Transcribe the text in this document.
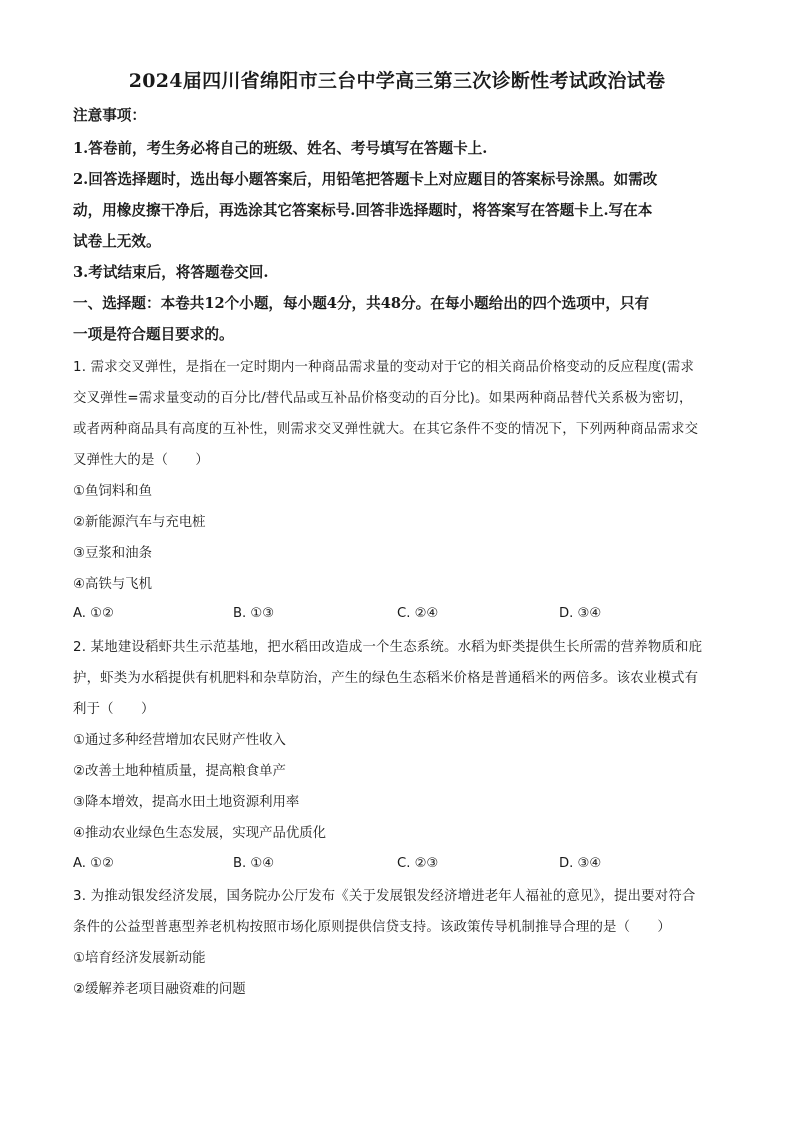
2024届四川省绵阳市三台中学高三第三次诊断性考试政治试卷
注意事项：
1.答卷前，考生务必将自己的班级、姓名、考号填写在答题卡上.
2.回答选择题时，选出每小题答案后，用铅笔把答题卡上对应题目的答案标号涂黑。如需改
动，用橡皮擦干净后，再选涂其它答案标号.回答非选择题时，将答案写在答题卡上.写在本
试卷上无效。
3.考试结束后，将答题卷交回.
一、选择题：本卷共12个小题，每小题4分，共48分。在每小题给出的四个选项中，只有
一项是符合题目要求的。
1. 需求交叉弹性，是指在一定时期内一种商品需求量的变动对于它的相关商品价格变动的反应程度(需求
交叉弹性=需求量变动的百分比/替代品或互补品价格变动的百分比)。如果两种商品替代关系极为密切，
或者两种商品具有高度的互补性，则需求交叉弹性就大。在其它条件不变的情况下，下列两种商品需求交
叉弹性大的是（　　）
①鱼饲料和鱼
②新能源汽车与充电桩
③豆浆和油条
④高铁与飞机
A. ①②	B. ①③	C. ②④	D. ③④
2. 某地建设稻虾共生示范基地，把水稻田改造成一个生态系统。水稻为虾类提供生长所需的营养物质和庇
护，虾类为水稻提供有机肥料和杂草防治，产生的绿色生态稻米价格是普通稻米的两倍多。该农业模式有
利于（　　）
①通过多种经营增加农民财产性收入
②改善土地种植质量，提高粮食单产
③降本增效，提高水田土地资源利用率
④推动农业绿色生态发展，实现产品优质化
A. ①②	B. ①④	C. ②③	D. ③④
3. 为推动银发经济发展，国务院办公厅发布《关于发展银发经济增进老年人福祉的意见》，提出要对符合
条件的公益型普惠型养老机构按照市场化原则提供信贷支持。该政策传导机制推导合理的是（　　）
①培育经济发展新动能
②缓解养老项目融资难的问题
